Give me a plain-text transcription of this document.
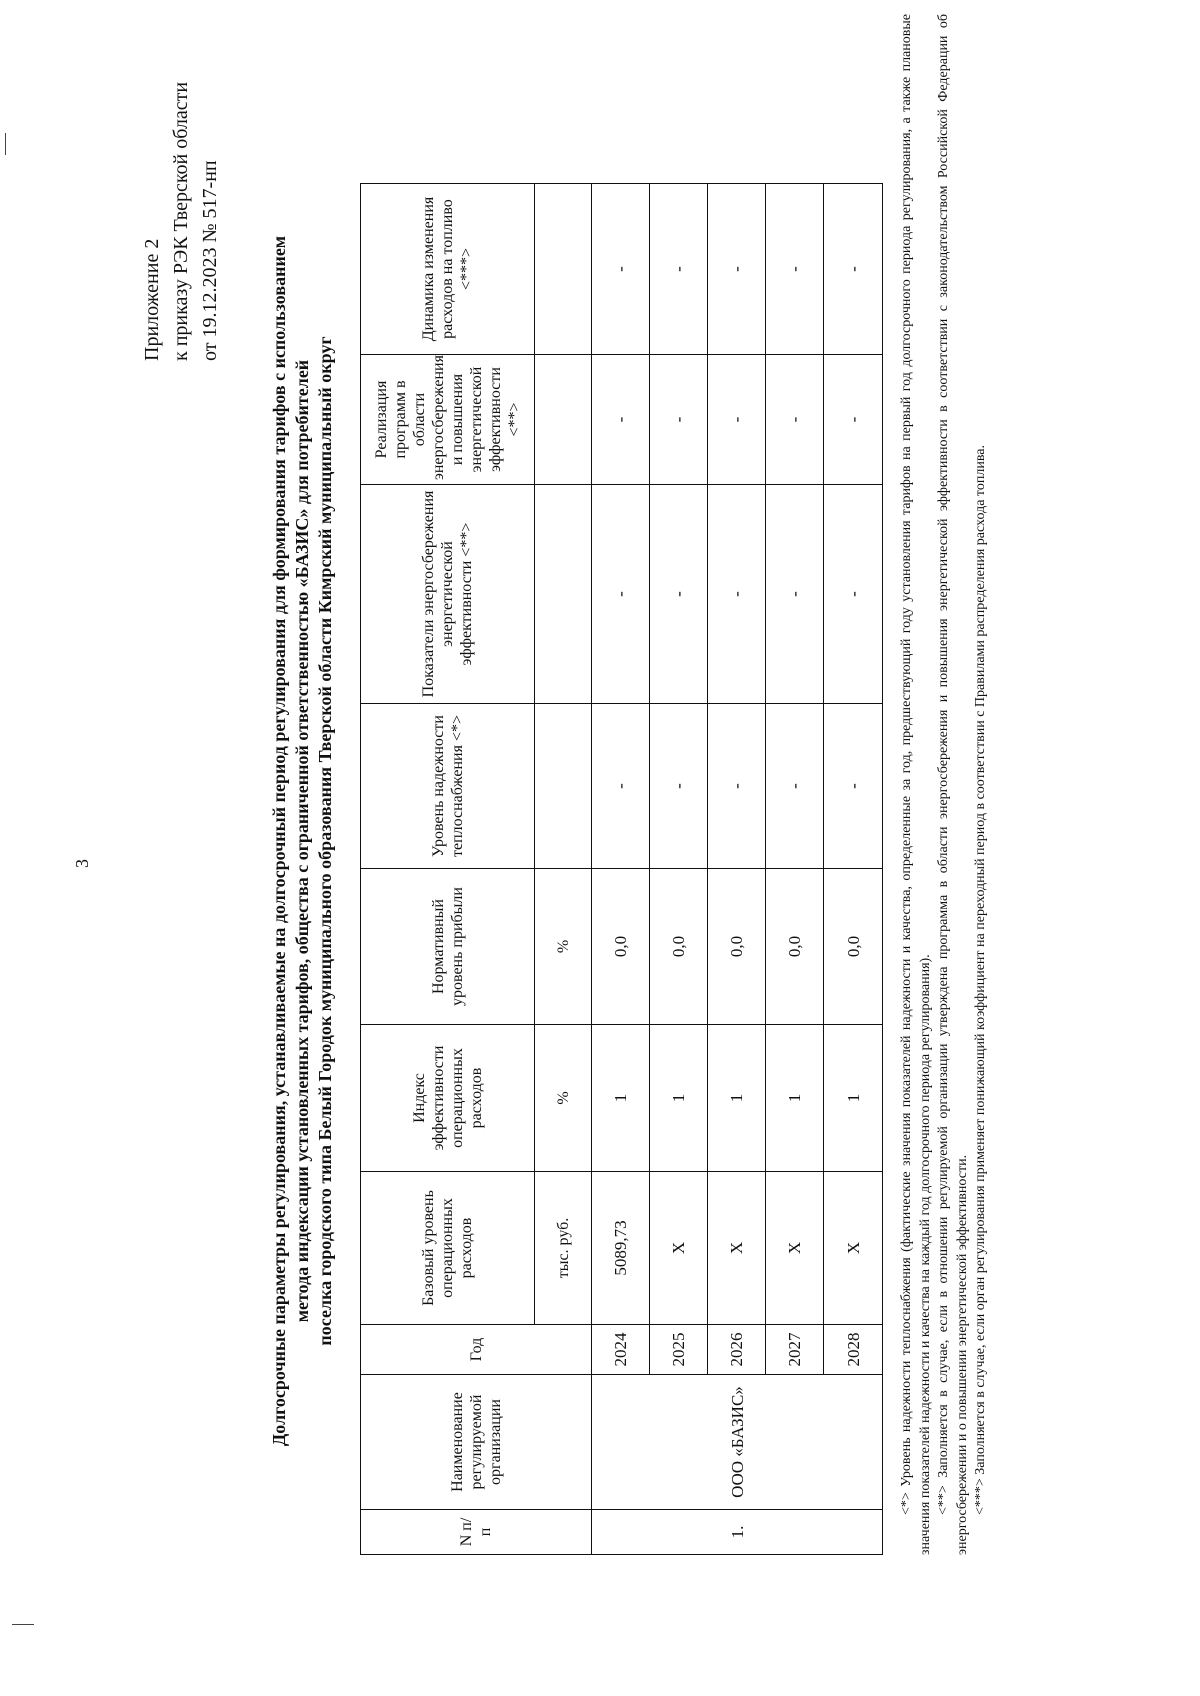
3
Приложение 2 к приказу РЭК Тверской области от 19.12.2023 № 517-нп	Долгосрочные параметры регулирования, устанавливаемые на долгосрочный период регулирования для формирования тарифов с использованием метода индексации установленных тарифов, общества с ограниченной ответственностью «БАЗИС» для потребителей поселка городского типа Белый Городок муниципального образования Тверской области Кимрский муниципальный округ
N п/п	Наименование регулируемой организации	Год	Базовый уровень операционных расходов	Индекс эффективности операционных расходов	Нормативный уровень прибыли	Уровень надежности теплоснабжения <*>	Показатели энергосбережения энергетической эффективности <**>	Реализация программ в области энергосбережения и повышения энергетической эффективности <**>	Динамика изменения расходов на топливо <***>	
			тыс. руб.	%	%					
1.	ООО «БАЗИС»	2024	5089,73	1	0,0	-	-	-	-	
		2025	Х	1	0,0	-	-	-	-	
		2026	Х	1	0,0	-	-	-	-	
		2027	Х	1	0,0	-	-	-	-	
		2028	Х	1	0,0	-	-	-	-		<*> Уровень надежности теплоснабжения (фактические значения показателей надежности и качества, определенные за год, предшествующий году установления тарифов на первый год долгосрочного периода регулирования, а также плановые значения показателей надежности и качества на каждый год долгосрочного периода регулирования). <**> Заполняется в случае, если в отношении регулируемой организации утверждена программа в области энергосбережения и повышения энергетической эффективности в соответствии с законодательством Российской Федерации об энергосбережении и о повышении энергетической эффективности. <***> Заполняется в случае, если орган регулирования применяет понижающий коэффициент на переходный период в соответствии с Правилами распределения расхода топлива.
